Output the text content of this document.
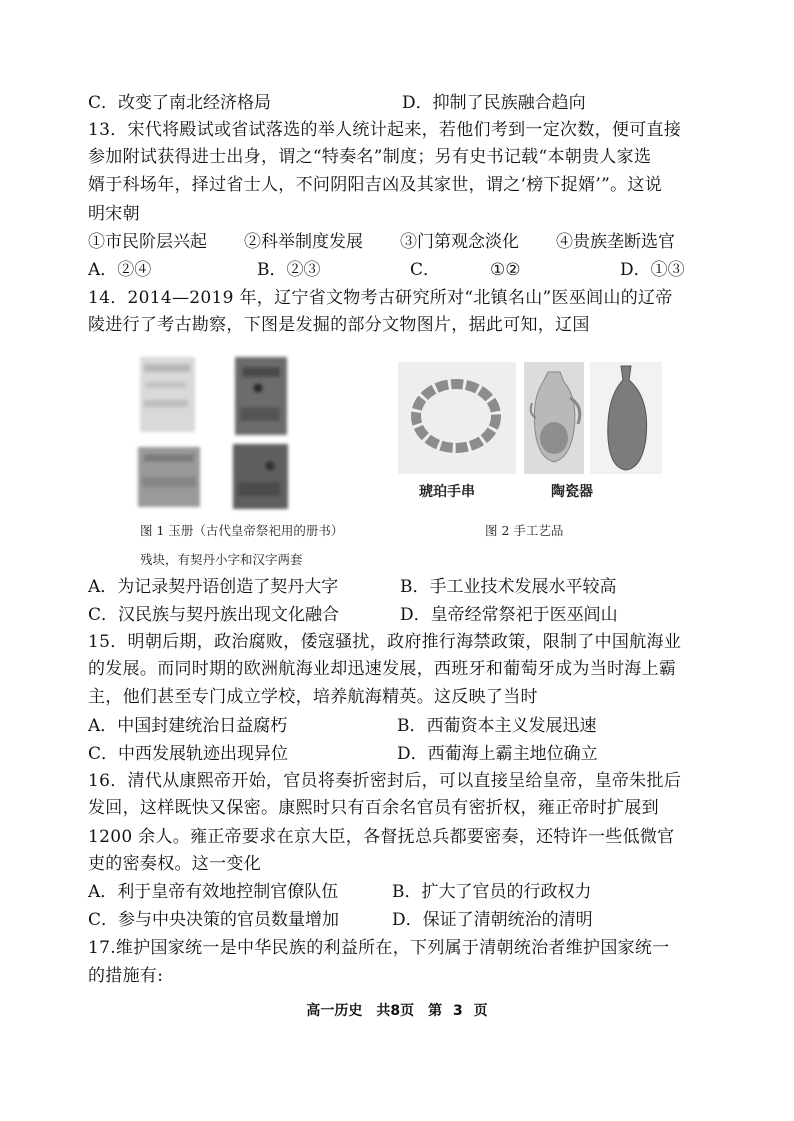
C．改变了南北经济格局	D．抑制了民族融合趋向
13．宋代将殿试或省试落选的举人统计起来，若他们考到一定次数，便可直接
参加附试获得进士出身，谓之“特奏名”制度；另有史书记载“本朝贵人家选
婿于科场年，择过省士人，不问阴阳吉凶及其家世，谓之‘榜下捉婿’”。这说
明宋朝
①市民阶层兴起 ②科举制度发展 ③门第观念淡化 ④贵族垄断选官
A．②④	B．②③	C．	①②	D．①③
14．2014—2019 年，辽宁省文物考古研究所对“北镇名山”医巫闾山的辽帝
陵进行了考古勘察，下图是发掘的部分文物图片，据此可知，辽国
琥珀手串	陶瓷器
图 1 玉册（古代皇帝祭祀用的册书）	图 2 手工艺品
残块，有契丹小字和汉字两套
A．为记录契丹语创造了契丹大字	B．手工业技术发展水平较高
C．汉民族与契丹族出现文化融合	D．皇帝经常祭祀于医巫闾山
15．明朝后期，政治腐败，倭寇骚扰，政府推行海禁政策，限制了中国航海业
的发展。而同时期的欧洲航海业却迅速发展，西班牙和葡萄牙成为当时海上霸
主，他们甚至专门成立学校，培养航海精英。这反映了当时
A．中国封建统治日益腐朽	B．西葡资本主义发展迅速
C．中西发展轨迹出现异位	D．西葡海上霸主地位确立
16．清代从康熙帝开始，官员将奏折密封后，可以直接呈给皇帝，皇帝朱批后
发回，这样既快又保密。康熙时只有百余名官员有密折权，雍正帝时扩展到
1200 余人。雍正帝要求在京大臣，各督抚总兵都要密奏，还特许一些低微官
吏的密奏权。这一变化
A．利于皇帝有效地控制官僚队伍	B．扩大了官员的行政权力
C．参与中央决策的官员数量增加	D．保证了清朝统治的清明
17.维护国家统一是中华民族的利益所在，下列属于清朝统治者维护国家统一
的措施有:
高一历史　共8页　第 3 页
